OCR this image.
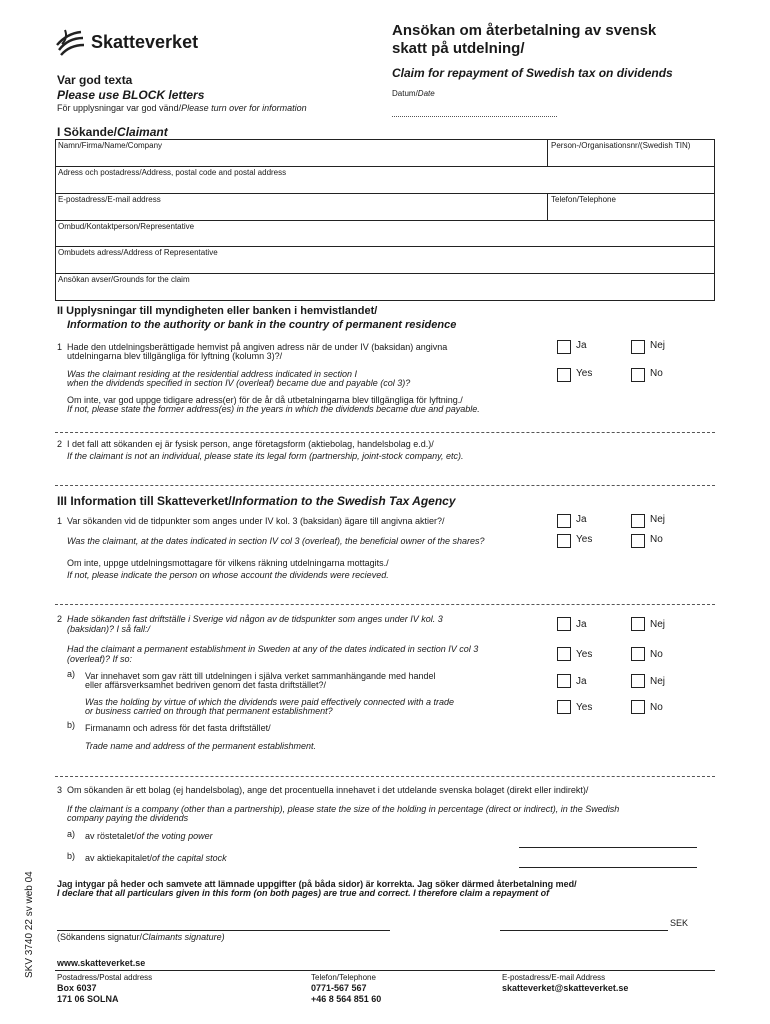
Skatteverket
Ansökan om återbetalning av svensk
skatt på utdelning/
Claim for repayment of Swedish tax on dividends
Var god texta
Please use BLOCK letters
För upplysningar var god vänd/Please turn over for information
Datum/Date
I Sökande/Claimant
Namn/Firma/Name/Company	Person-/Organisationsnr/(Swedish TIN)
Adress och postadress/Address, postal code and postal address
E-postadress/E-mail address	Telefon/Telephone
Ombud/Kontaktperson/Representative
Ombudets adress/Address of Representative
Ansökan avser/Grounds for the claim
II Upplysningar till myndigheten eller banken i hemvistlandet/
Information to the authority or bank in the country of permanent residence
1 Hade den utdelningsberättigade hemvist på angiven adress när de under IV (baksidan) angivna
utdelningarna blev tillgängliga för lyftning (kolumn 3)?/
Was the claimant residing at the residential address indicated in section I
when the dividends specified in section IV (overleaf) became due and payable (col 3)?
Om inte, var god uppge tidigare adress(er) för de år då utbetalningarna blev tillgängliga för lyftning./
If not, please state the former address(es) in the years in which the dividends became due and payable.
Ja	Nej
Yes	No
2 I det fall att sökanden ej är fysisk person, ange företagsform (aktiebolag, handelsbolag e.d.)/
If the claimant is not an individual, please state its legal form (partnership, joint-stock company, etc).
III Information till Skatteverket/Information to the Swedish Tax Agency
1 Var sökanden vid de tidpunkter som anges under IV kol. 3 (baksidan) ägare till angivna aktier?/
Was the claimant, at the dates indicated in section IV col 3 (overleaf), the beneficial owner of the shares?
Om inte, uppge utdelningsmottagare för vilkens räkning utdelningarna mottagits./
If not, please indicate the person on whose account the dividends were recieved.
Ja	Nej
Yes	No
2 Hade sökanden fast driftställe i Sverige vid någon av de tidspunkter som anges under IV kol. 3
(baksidan)? I så fall:/
Had the claimant a permanent establishment in Sweden at any of the dates indicated in section IV col 3
(overleaf)? If so:
Ja	Nej
Yes	No
a) Var innehavet som gav rätt till utdelningen i själva verket sammanhängande med handel
eller affärsverksamhet bedriven genom det fasta driftstället?/
Was the holding by virtue of which the dividends were paid effectively connected with a trade
or business carried on through that permanent establishment?
Ja	Nej
Yes	No
b) Firmanamn och adress för det fasta driftstället/
Trade name and address of the permanent establishment.
3 Om sökanden är ett bolag (ej handelsbolag), ange det procentuella innehavet i det utdelande svenska bolaget (direkt eller indirekt)/
If the claimant is a company (other than a partnership), please state the size of the holding in percentage (direct or indirect), in the Swedish
company paying the dividends
a) av röstetalet/of the voting power
b) av aktiekapitalet/of the capital stock
Jag intygar på heder och samvete att lämnade uppgifter (på båda sidor) är korrekta. Jag söker därmed återbetalning med/
I declare that all particulars given in this form (on both pages) are true and correct. I therefore claim a repayment of
SEK
(Sökandens signatur/Claimants signature)
www.skatteverket.se
Postadress/Postal address
Box 6037
171 06 SOLNA
Telefon/Telephone
0771-567 567
+46 8 564 851 60
E-postadress/E-mail Address
skatteverket@skatteverket.se
SKV 3740 22 sv web 04
